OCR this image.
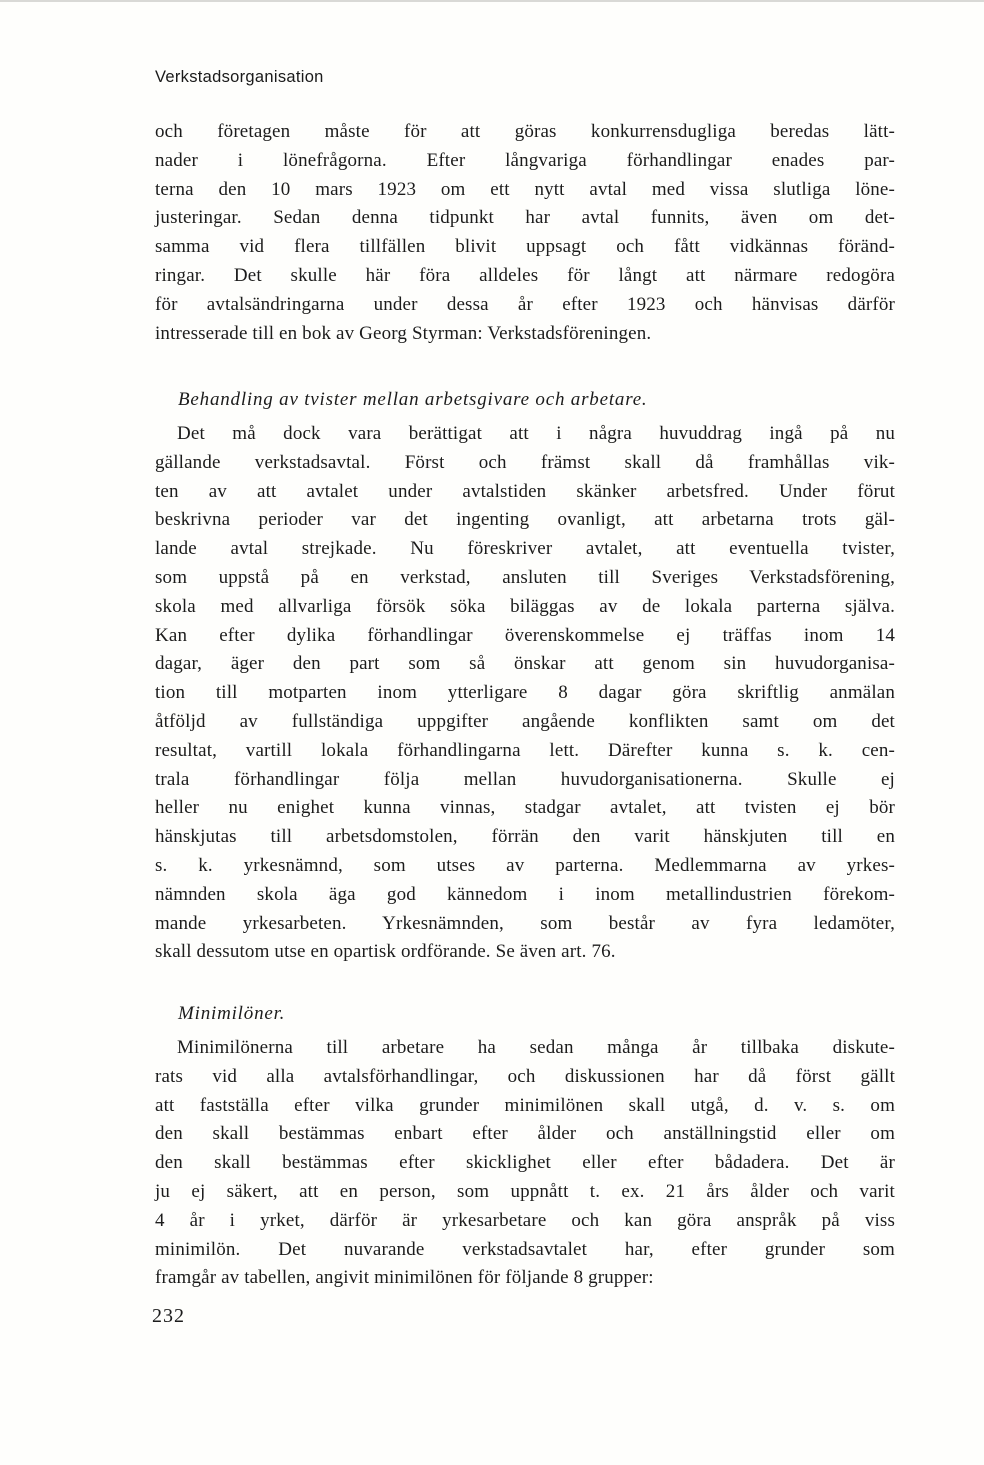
Verkstadsorganisation
och företagen måste för att göras konkurrensdugliga beredas lätt-
nader i lönefrågorna. Efter långvariga förhandlingar enades par-
terna den 10 mars 1923 om ett nytt avtal med vissa slutliga löne-
justeringar. Sedan denna tidpunkt har avtal funnits, även om det-
samma vid flera tillfällen blivit uppsagt och fått vidkännas föränd-
ringar. Det skulle här föra alldeles för långt att närmare redogöra
för avtalsändringarna under dessa år efter 1923 och hänvisas därför
intresserade till en bok av Georg Styrman: Verkstadsföreningen.
Behandling av tvister mellan arbetsgivare och arbetare.
Det må dock vara berättigat att i några huvuddrag ingå på nu
gällande verkstadsavtal. Först och främst skall då framhållas vik-
ten av att avtalet under avtalstiden skänker arbetsfred. Under förut
beskrivna perioder var det ingenting ovanligt, att arbetarna trots gäl-
lande avtal strejkade. Nu föreskriver avtalet, att eventuella tvister,
som uppstå på en verkstad, ansluten till Sveriges Verkstadsförening,
skola med allvarliga försök söka biläggas av de lokala parterna själva.
Kan efter dylika förhandlingar överenskommelse ej träffas inom 14
dagar, äger den part som så önskar att genom sin huvudorganisa-
tion till motparten inom ytterligare 8 dagar göra skriftlig anmälan
åtföljd av fullständiga uppgifter angående konflikten samt om det
resultat, vartill lokala förhandlingarna lett. Därefter kunna s. k. cen-
trala förhandlingar följa mellan huvudorganisationerna. Skulle ej
heller nu enighet kunna vinnas, stadgar avtalet, att tvisten ej bör
hänskjutas till arbetsdomstolen, förrän den varit hänskjuten till en
s. k. yrkesnämnd, som utses av parterna. Medlemmarna av yrkes-
nämnden skola äga god kännedom i inom metallindustrien förekom-
mande yrkesarbeten. Yrkesnämnden, som består av fyra ledamöter,
skall dessutom utse en opartisk ordförande. Se även art. 76.
Minimilöner.
Minimilönerna till arbetare ha sedan många år tillbaka diskute-
rats vid alla avtalsförhandlingar, och diskussionen har då först gällt
att fastställa efter vilka grunder minimilönen skall utgå, d. v. s. om
den skall bestämmas enbart efter ålder och anställningstid eller om
den skall bestämmas efter skicklighet eller efter bådadera. Det är
ju ej säkert, att en person, som uppnått t. ex. 21 års ålder och varit
4 år i yrket, därför är yrkesarbetare och kan göra anspråk på viss
minimilön. Det nuvarande verkstadsavtalet har, efter grunder som
framgår av tabellen, angivit minimilönen för följande 8 grupper:
232
